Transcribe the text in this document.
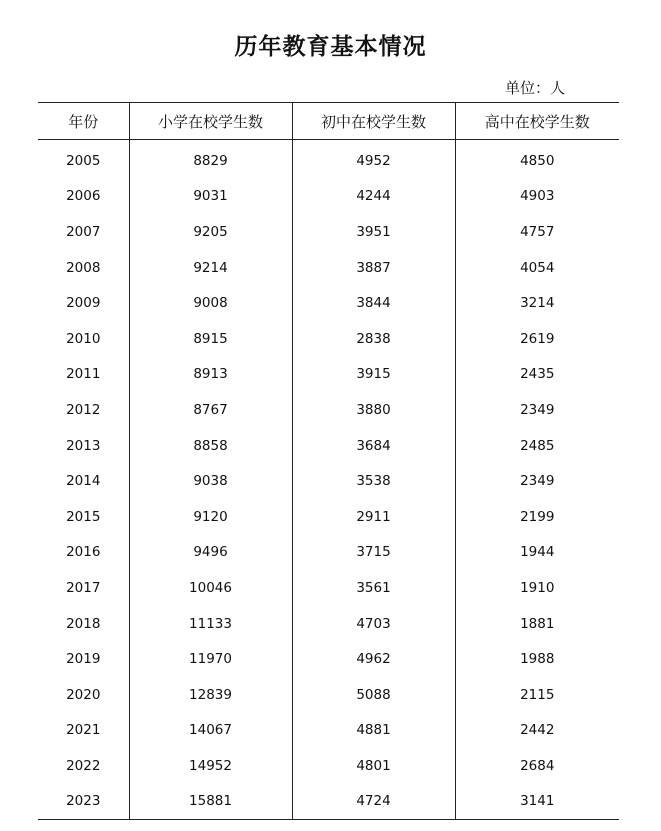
历年教育基本情况
单位：人
年份	小学在校学生数	初中在校学生数	高中在校学生数
2005	8829	4952	4850
2006	9031	4244	4903
2007	9205	3951	4757
2008	9214	3887	4054
2009	9008	3844	3214
2010	8915	2838	2619
2011	8913	3915	2435
2012	8767	3880	2349
2013	8858	3684	2485
2014	9038	3538	2349
2015	9120	2911	2199
2016	9496	3715	1944
2017	10046	3561	1910
2018	11133	4703	1881
2019	11970	4962	1988
2020	12839	5088	2115
2021	14067	4881	2442
2022	14952	4801	2684
2023	15881	4724	3141
